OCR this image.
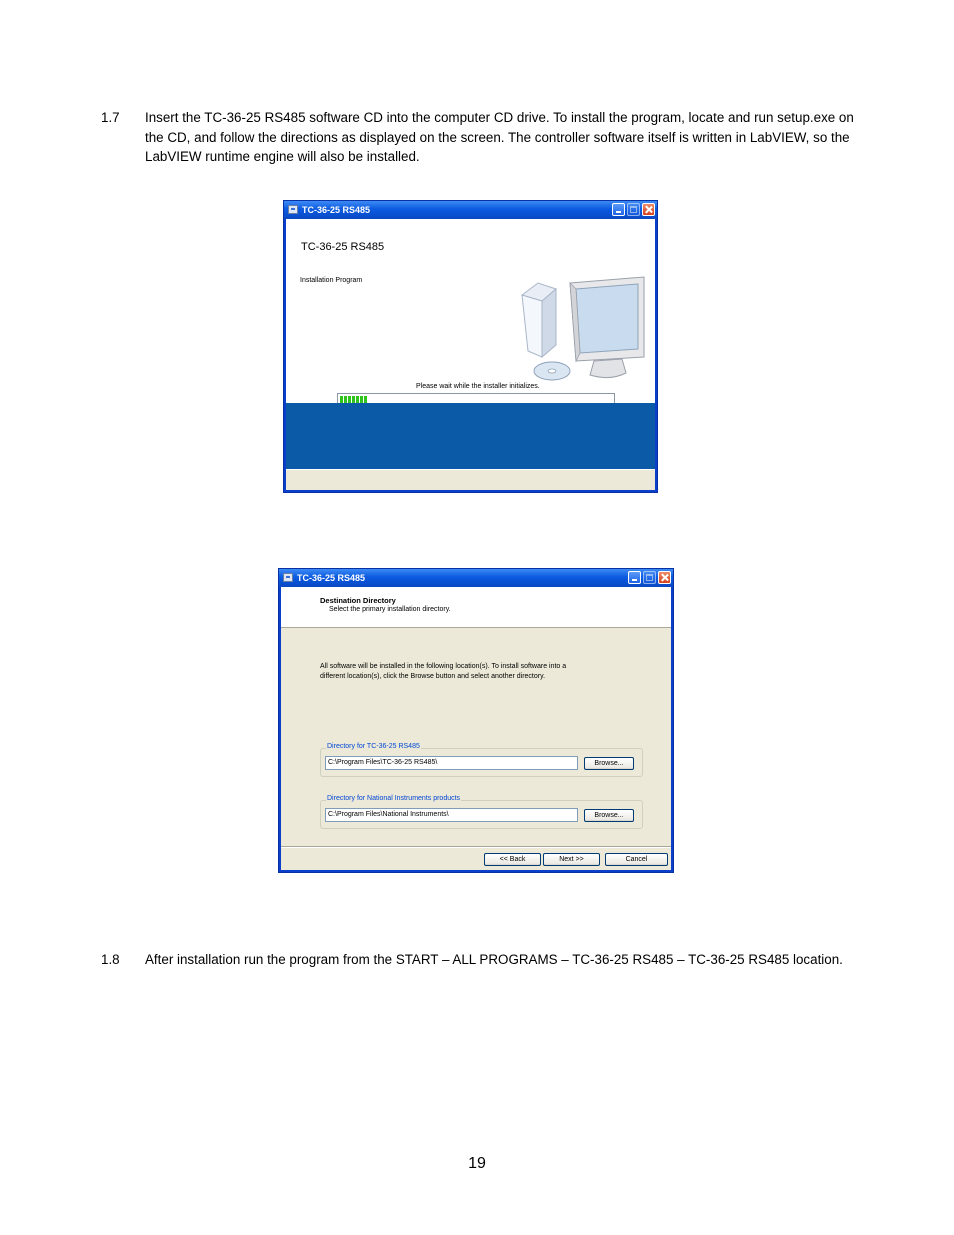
1.7 Insert the TC-36-25 RS485 software CD into the computer CD drive. To install the program, locate and run setup.exe on the CD, and follow the directions as displayed on the screen. The controller software itself is written in LabVIEW, so the LabVIEW runtime engine will also be installed.
TC-36-25 RS485
TC-36-25 RS485
Installation Program
Please wait while the installer initializes.
TC-36-25 RS485
Destination Directory
Select the primary installation directory.
All software will be installed in the following location(s). To install software into a different location(s), click the Browse button and select another directory.
Directory for TC-36-25 RS485
C:\Program Files\TC-36-25 RS485\	Browse...
Directory for National Instruments products
C:\Program Files\National Instruments\	Browse...
<< Back	Next >>	Cancel
1.8 After installation run the program from the START – ALL PROGRAMS – TC-36-25 RS485 – TC-36-25 RS485 location.
19
